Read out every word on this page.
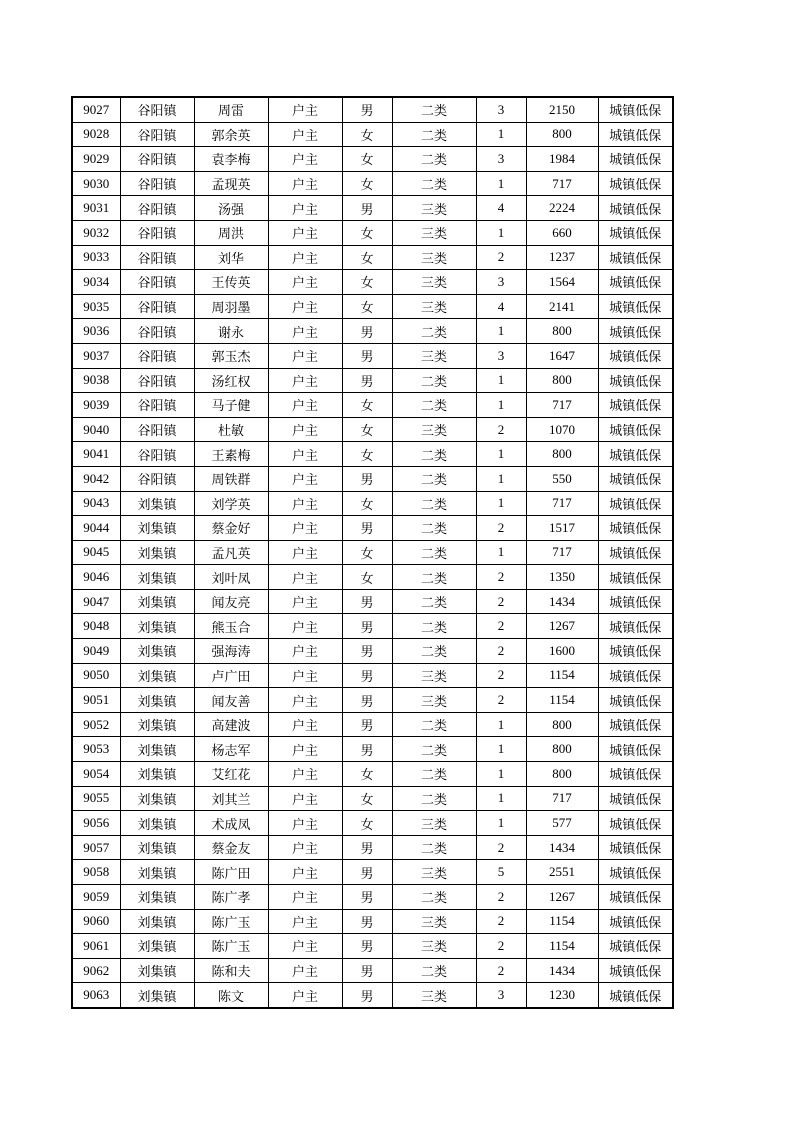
9027	谷阳镇	周雷	户主	男	二类	3	2150	城镇低保
9028	谷阳镇	郭余英	户主	女	二类	1	800	城镇低保
9029	谷阳镇	袁李梅	户主	女	二类	3	1984	城镇低保
9030	谷阳镇	孟现英	户主	女	二类	1	717	城镇低保
9031	谷阳镇	汤强	户主	男	三类	4	2224	城镇低保
9032	谷阳镇	周洪	户主	女	三类	1	660	城镇低保
9033	谷阳镇	刘华	户主	女	三类	2	1237	城镇低保
9034	谷阳镇	王传英	户主	女	三类	3	1564	城镇低保
9035	谷阳镇	周羽墨	户主	女	三类	4	2141	城镇低保
9036	谷阳镇	谢永	户主	男	二类	1	800	城镇低保
9037	谷阳镇	郭玉杰	户主	男	三类	3	1647	城镇低保
9038	谷阳镇	汤红权	户主	男	二类	1	800	城镇低保
9039	谷阳镇	马子健	户主	女	二类	1	717	城镇低保
9040	谷阳镇	杜敏	户主	女	三类	2	1070	城镇低保
9041	谷阳镇	王素梅	户主	女	二类	1	800	城镇低保
9042	谷阳镇	周铁群	户主	男	二类	1	550	城镇低保
9043	刘集镇	刘学英	户主	女	二类	1	717	城镇低保
9044	刘集镇	蔡金好	户主	男	二类	2	1517	城镇低保
9045	刘集镇	孟凡英	户主	女	二类	1	717	城镇低保
9046	刘集镇	刘叶凤	户主	女	二类	2	1350	城镇低保
9047	刘集镇	闻友亮	户主	男	二类	2	1434	城镇低保
9048	刘集镇	熊玉合	户主	男	二类	2	1267	城镇低保
9049	刘集镇	强海涛	户主	男	二类	2	1600	城镇低保
9050	刘集镇	卢广田	户主	男	三类	2	1154	城镇低保
9051	刘集镇	闻友善	户主	男	三类	2	1154	城镇低保
9052	刘集镇	高建波	户主	男	二类	1	800	城镇低保
9053	刘集镇	杨志军	户主	男	二类	1	800	城镇低保
9054	刘集镇	艾红花	户主	女	二类	1	800	城镇低保
9055	刘集镇	刘其兰	户主	女	二类	1	717	城镇低保
9056	刘集镇	术成凤	户主	女	三类	1	577	城镇低保
9057	刘集镇	蔡金友	户主	男	二类	2	1434	城镇低保
9058	刘集镇	陈广田	户主	男	三类	5	2551	城镇低保
9059	刘集镇	陈广孝	户主	男	二类	2	1267	城镇低保
9060	刘集镇	陈广玉	户主	男	三类	2	1154	城镇低保
9061	刘集镇	陈广玉	户主	男	三类	2	1154	城镇低保
9062	刘集镇	陈和夫	户主	男	二类	2	1434	城镇低保
9063	刘集镇	陈文	户主	男	三类	3	1230	城镇低保
